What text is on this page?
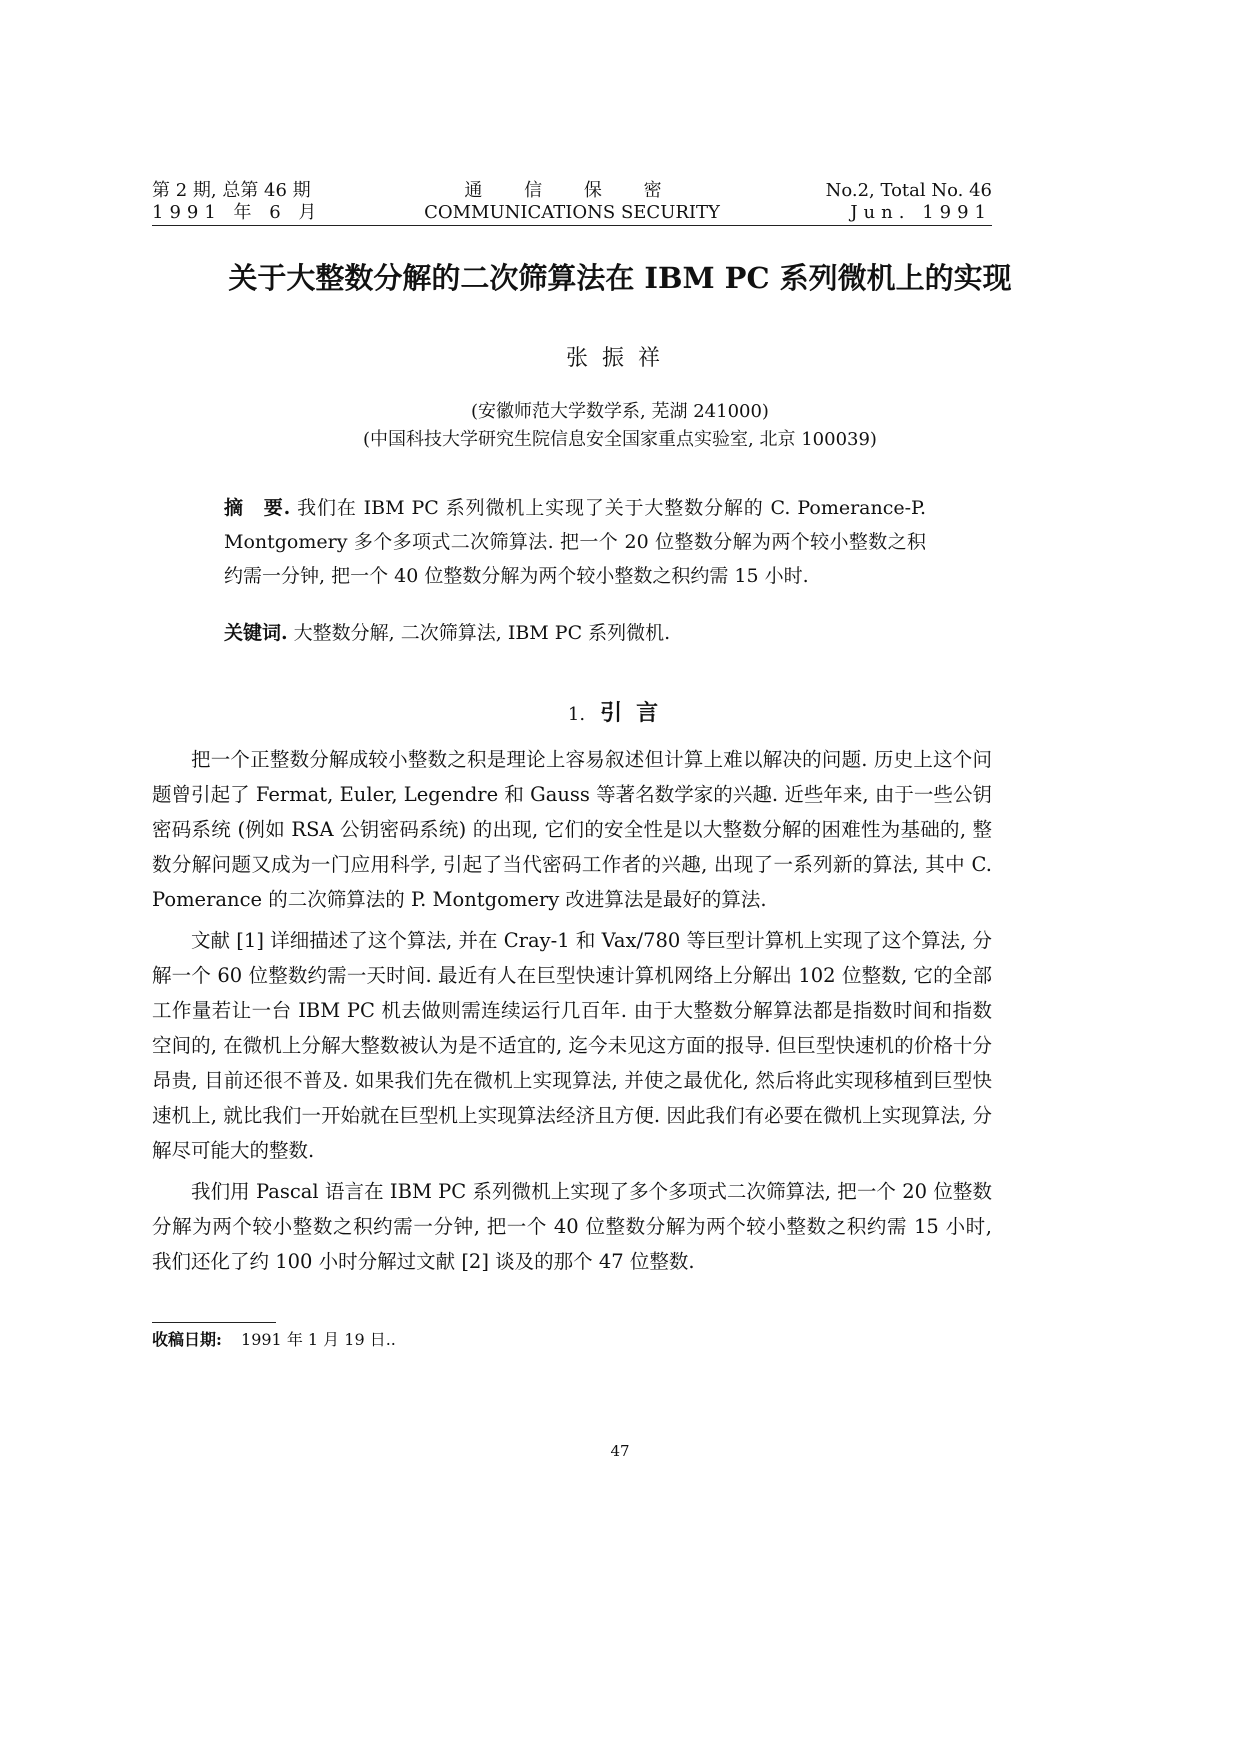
第 2 期, 总第 46 期	通 信 保 密	No.2, Total No. 46
1991 年 6 月	COMMUNICATIONS SECURITY	Jun. 1991
关于大整数分解的二次筛算法在 IBM PC 系列微机上的实现
张振祥
(安徽师范大学数学系, 芜湖 241000)
(中国科技大学研究生院信息安全国家重点实验室, 北京 100039)
摘　要. 我们在 IBM PC 系列微机上实现了关于大整数分解的 C. Pomerance-P. Montgomery 多个多项式二次筛算法. 把一个 20 位整数分解为两个较小整数之积约需一分钟, 把一个 40 位整数分解为两个较小整数之积约需 15 小时.
关键词. 大整数分解, 二次筛算法, IBM PC 系列微机.
1. 引言

把一个正整数分解成较小整数之积是理论上容易叙述但计算上难以解决的问题. 历史上这个问题曾引起了 Fermat, Euler, Legendre 和 Gauss 等著名数学家的兴趣. 近些年来, 由于一些公钥密码系统 (例如 RSA 公钥密码系统) 的出现, 它们的安全性是以大整数分解的困难性为基础的, 整数分解问题又成为一门应用科学, 引起了当代密码工作者的兴趣, 出现了一系列新的算法, 其中 C. Pomerance 的二次筛算法的 P. Montgomery 改进算法是最好的算法.

文献 [1] 详细描述了这个算法, 并在 Cray-1 和 Vax/780 等巨型计算机上实现了这个算法, 分解一个 60 位整数约需一天时间. 最近有人在巨型快速计算机网络上分解出 102 位整数, 它的全部工作量若让一台 IBM PC 机去做则需连续运行几百年. 由于大整数分解算法都是指数时间和指数空间的, 在微机上分解大整数被认为是不适宜的, 迄今未见这方面的报导. 但巨型快速机的价格十分昂贵, 目前还很不普及. 如果我们先在微机上实现算法, 并使之最优化, 然后将此实现移植到巨型快速机上, 就比我们一开始就在巨型机上实现算法经济且方便. 因此我们有必要在微机上实现算法, 分解尽可能大的整数.

我们用 Pascal 语言在 IBM PC 系列微机上实现了多个多项式二次筛算法, 把一个 20 位整数分解为两个较小整数之积约需一分钟, 把一个 40 位整数分解为两个较小整数之积约需 15 小时, 我们还化了约 100 小时分解过文献 [2] 谈及的那个 47 位整数.

收稿日期: 1991 年 1 月 19 日..
47
